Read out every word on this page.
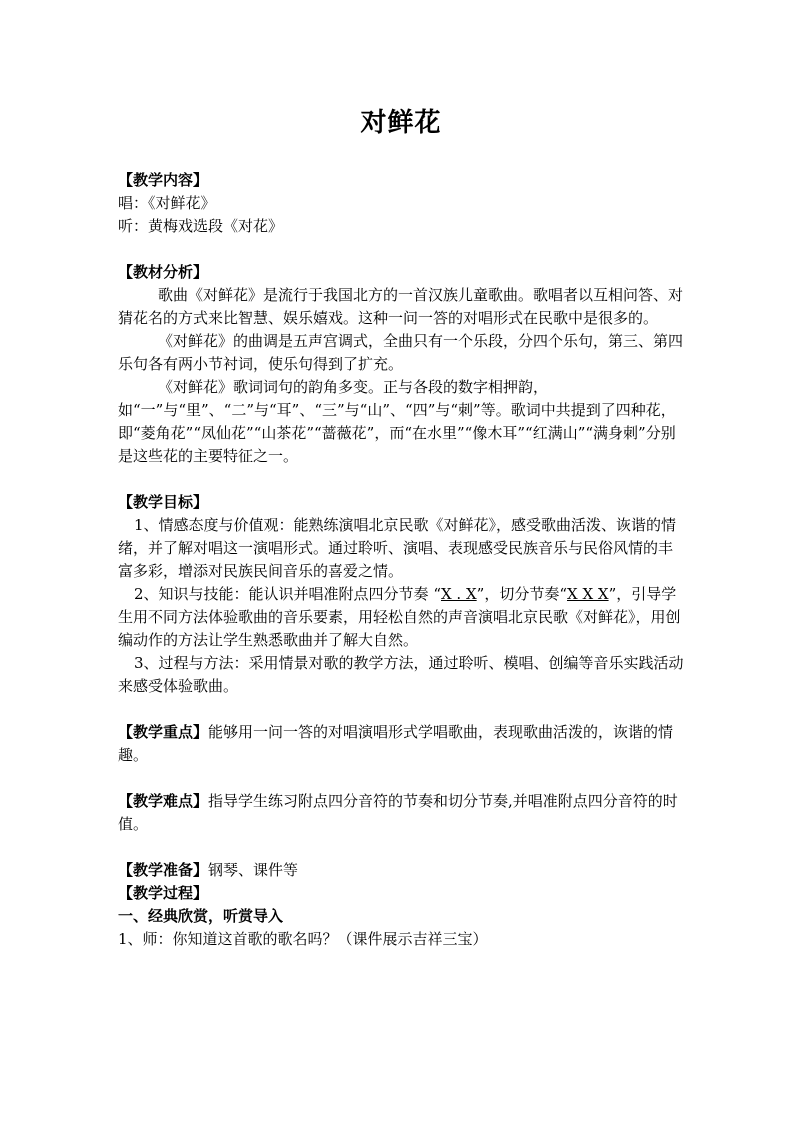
对鲜花

【教学内容】

唱：《对鲜花》

听：黄梅戏选段《对花》

【教材分析】

歌曲《对鲜花》是流行于我国北方的一首汉族儿童歌曲。歌唱者以互相问答、对猜花名的方式来比智慧、娱乐嬉戏。这种一问一答的对唱形式在民歌中是很多的。

《对鲜花》的曲调是五声宫调式，全曲只有一个乐段，分四个乐句，第三、第四乐句各有两小节衬词，使乐句得到了扩充。

《对鲜花》歌词词句的韵角多变。正与各段的数字相押韵，如“一”与“里”、“二”与“耳”、“三”与“山”、“四”与“刺”等。歌词中共提到了四种花，即“菱角花”“凤仙花”“山茶花”“蔷薇花”，而“在水里”“像木耳”“红满山”“满身刺”分别是这些花的主要特征之一。

【教学目标】

1、情感态度与价值观：能熟练演唱北京民歌《对鲜花》，感受歌曲活泼、诙谐的情绪，并了解对唱这一演唱形式。通过聆听、演唱、表现感受民族音乐与民俗风情的丰富多彩，增添对民族民间音乐的喜爱之情。

2、知识与技能：能认识并唱准附点四分节奏 “X . X”，切分节奏“X X X”，引导学生用不同方法体验歌曲的音乐要素，用轻松自然的声音演唱北京民歌《对鲜花》，用创编动作的方法让学生熟悉歌曲并了解大自然。

3、过程与方法：采用情景对歌的教学方法，通过聆听、模唱、创编等音乐实践活动来感受体验歌曲。

【教学重点】能够用一问一答的对唱演唱形式学唱歌曲，表现歌曲活泼的，诙谐的情趣。

【教学难点】指导学生练习附点四分音符的节奏和切分节奏,并唱准附点四分音符的时值。

【教学准备】钢琴、课件等

【教学过程】

一、经典欣赏，听赏导入

1、师：你知道这首歌的歌名吗？（课件展示吉祥三宝）
